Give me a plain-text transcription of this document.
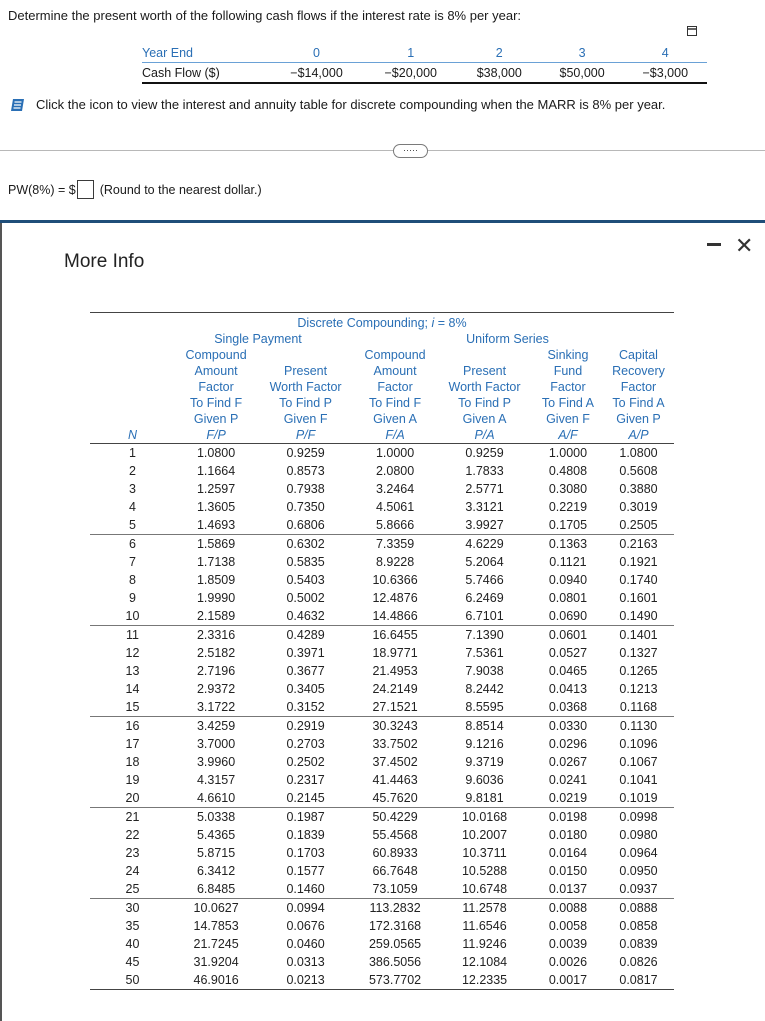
Determine the present worth of the following cash flows if the interest rate is 8% per year:
Year End	0	1	2	3	4
Cash Flow ($)	−$14,000	−$20,000	$38,000	$50,000	−$3,000
Click the icon to view the interest and annuity table for discrete compounding when the MARR is 8% per year.
·····
PW(8%) = $ (Round to the nearest dollar.)
More Info
✕
Discrete Compounding; i = 8%
Single Payment	Uniform Series
	Compound		Compound		Sinking	Capital
	Amount	Present	Amount	Present	Fund	Recovery
	Factor	Worth Factor	Factor	Worth Factor	Factor	Factor
	To Find F	To Find P	To Find F	To Find P	To Find A	To Find A
	Given P	Given F	Given A	Given A	Given F	Given P
N	F/P	P/F	F/A	P/A	A/F	A/P
1	1.0800	0.9259	1.0000	0.9259	1.0000	1.0800
2	1.1664	0.8573	2.0800	1.7833	0.4808	0.5608
3	1.2597	0.7938	3.2464	2.5771	0.3080	0.3880
4	1.3605	0.7350	4.5061	3.3121	0.2219	0.3019
5	1.4693	0.6806	5.8666	3.9927	0.1705	0.2505
6	1.5869	0.6302	7.3359	4.6229	0.1363	0.2163
7	1.7138	0.5835	8.9228	5.2064	0.1121	0.1921
8	1.8509	0.5403	10.6366	5.7466	0.0940	0.1740
9	1.9990	0.5002	12.4876	6.2469	0.0801	0.1601
10	2.1589	0.4632	14.4866	6.7101	0.0690	0.1490
11	2.3316	0.4289	16.6455	7.1390	0.0601	0.1401
12	2.5182	0.3971	18.9771	7.5361	0.0527	0.1327
13	2.7196	0.3677	21.4953	7.9038	0.0465	0.1265
14	2.9372	0.3405	24.2149	8.2442	0.0413	0.1213
15	3.1722	0.3152	27.1521	8.5595	0.0368	0.1168
16	3.4259	0.2919	30.3243	8.8514	0.0330	0.1130
17	3.7000	0.2703	33.7502	9.1216	0.0296	0.1096
18	3.9960	0.2502	37.4502	9.3719	0.0267	0.1067
19	4.3157	0.2317	41.4463	9.6036	0.0241	0.1041
20	4.6610	0.2145	45.7620	9.8181	0.0219	0.1019
21	5.0338	0.1987	50.4229	10.0168	0.0198	0.0998
22	5.4365	0.1839	55.4568	10.2007	0.0180	0.0980
23	5.8715	0.1703	60.8933	10.3711	0.0164	0.0964
24	6.3412	0.1577	66.7648	10.5288	0.0150	0.0950
25	6.8485	0.1460	73.1059	10.6748	0.0137	0.0937
30	10.0627	0.0994	113.2832	11.2578	0.0088	0.0888
35	14.7853	0.0676	172.3168	11.6546	0.0058	0.0858
40	21.7245	0.0460	259.0565	11.9246	0.0039	0.0839
45	31.9204	0.0313	386.5056	12.1084	0.0026	0.0826
50	46.9016	0.0213	573.7702	12.2335	0.0017	0.0817
